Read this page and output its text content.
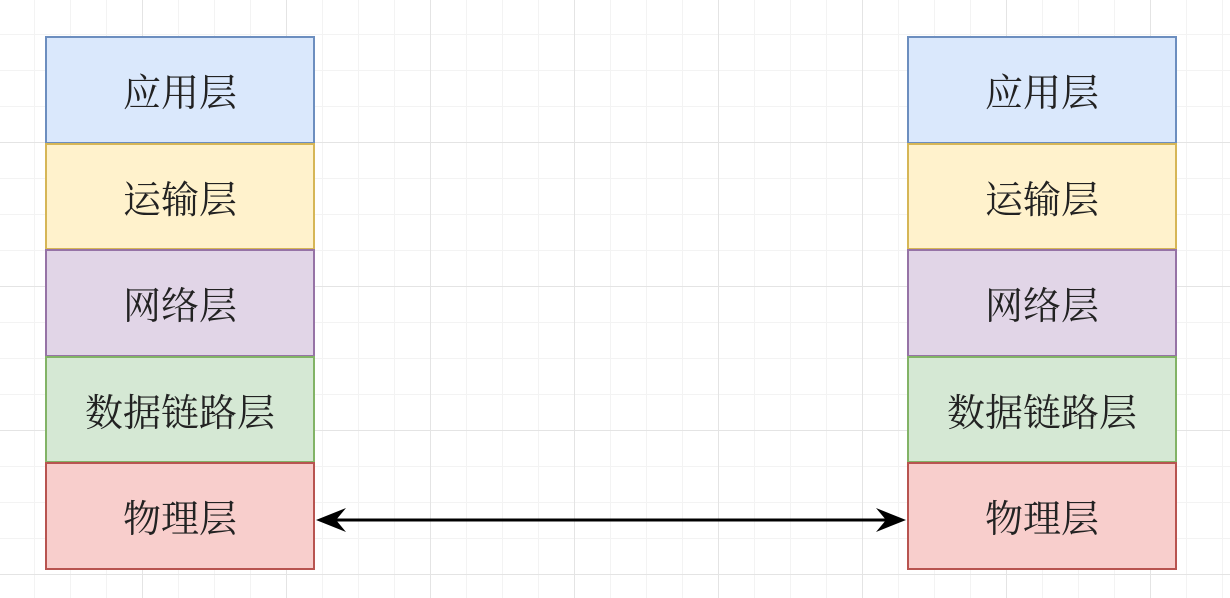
应用层
运输层
网络层
数据链路层
物理层
应用层
运输层
网络层
数据链路层
物理层
